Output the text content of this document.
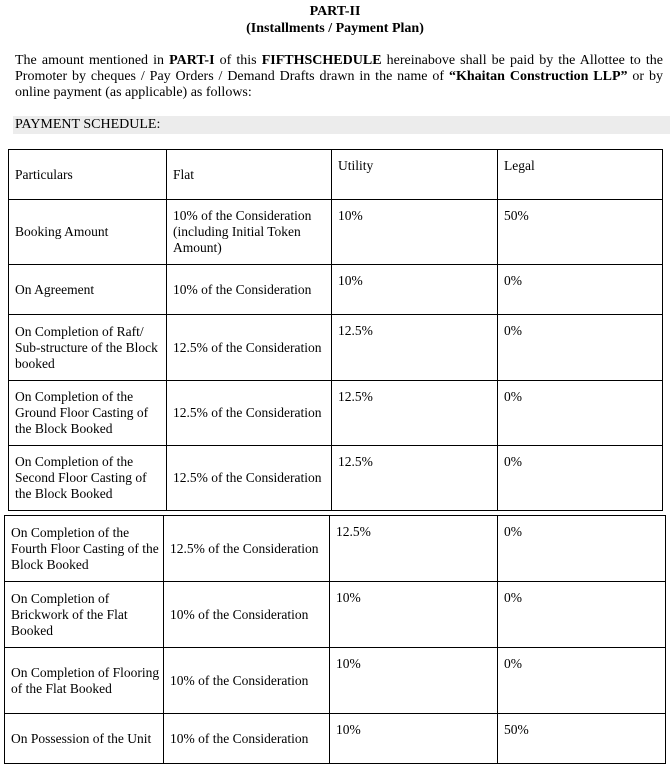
PART-II
(Installments / Payment Plan)
The amount mentioned in PART-I of this FIFTHSCHEDULE hereinabove shall be paid by the Allottee to the Promoter by cheques / Pay Orders / Demand Drafts drawn in the name of “Khaitan Construction LLP” or by online payment (as applicable) as follows:
PAYMENT SCHEDULE:
Particulars	Flat	Utility	Legal
Booking Amount	10% of the Consideration (including Initial Token Amount)	10%	50%
On Agreement	10% of the Consideration	10%	0%
On Completion of Raft/ Sub-structure of the Block booked	12.5% of the Consideration	12.5%	0%
On Completion of the Ground Floor Casting of the Block Booked	12.5% of the Consideration	12.5%	0%
On Completion of the Second Floor Casting of the Block Booked	12.5% of the Consideration	12.5%	0%
On Completion of the Fourth Floor Casting of the Block Booked	12.5% of the Consideration	12.5%	0%
On Completion of Brickwork of the Flat Booked	10% of the Consideration	10%	0%
On Completion of Flooring of the Flat Booked	10% of the Consideration	10%	0%
On Possession of the Unit	10% of the Consideration	10%	50%
